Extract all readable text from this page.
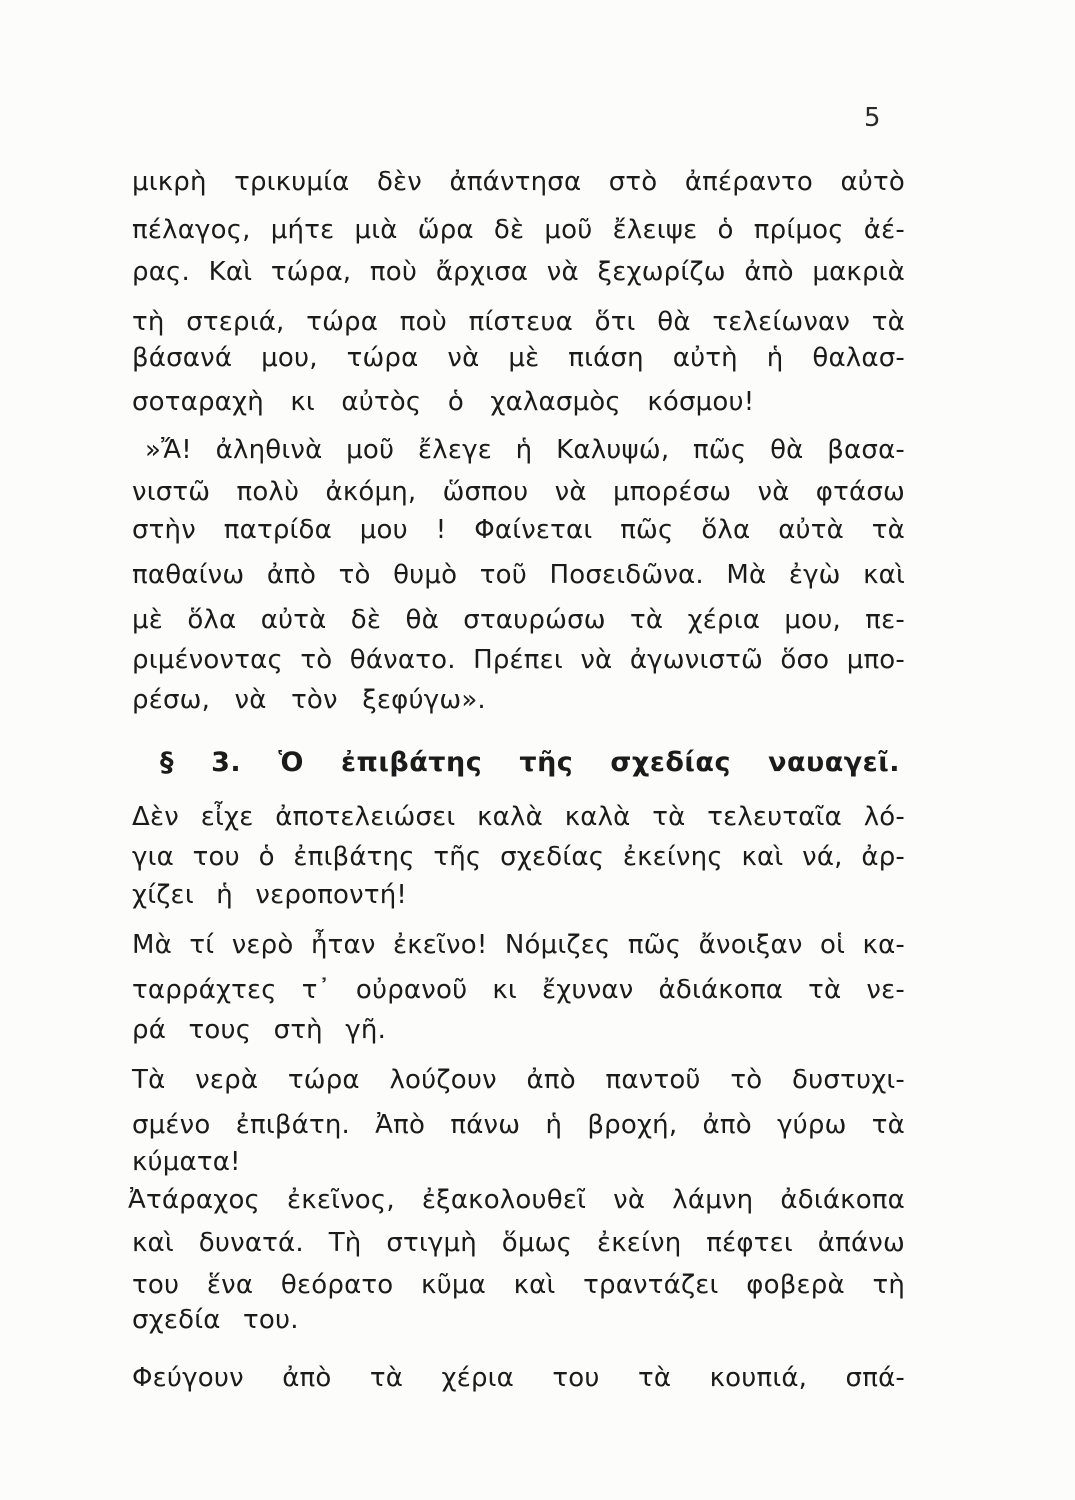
5
μικρὴ τρικυμία δὲν ἀπάντησα στὸ ἀπέραντο αὐτὸ
πέλαγος, μήτε μιὰ ὥρα δὲ μοῦ ἔλειψε ὁ πρίμος ἀέ-
ρας. Καὶ τώρα, ποὺ ἄρχισα νὰ ξεχωρίζω ἀπὸ μακριὰ
τὴ στεριά, τώρα ποὺ πίστευα ὅτι θὰ τελείωναν τὰ
βάσανά μου, τώρα νὰ μὲ πιάση αὐτὴ ἡ θαλασ-
σοταραχὴ κι αὐτὸς ὁ χαλασμὸς κόσμου!
»Ἄ! ἀληθινὰ μοῦ ἔλεγε ἡ Καλυψώ, πῶς θὰ βασα-
νιστῶ πολὺ ἀκόμη, ὥσπου νὰ μπορέσω νὰ φτάσω
στὴν πατρίδα μου ! Φαίνεται πῶς ὅλα αὐτὰ τὰ
παθαίνω ἀπὸ τὸ θυμὸ τοῦ Ποσειδῶνα. Μὰ ἐγὼ καὶ
μὲ ὅλα αὐτὰ δὲ θὰ σταυρώσω τὰ χέρια μου, πε-
ριμένοντας τὸ θάνατο. Πρέπει νὰ ἀγωνιστῶ ὅσο μπο-
ρέσω, νὰ τὸν ξεφύγω».
§ 3. Ὁ ἐπιβάτης τῆς σχεδίας ναυαγεῖ.
Δὲν εἶχε ἀποτελειώσει καλὰ καλὰ τὰ τελευταῖα λό-
για του ὁ ἐπιβάτης τῆς σχεδίας ἐκείνης καὶ νά, ἀρ-
χίζει ἡ νεροποντή!
Μὰ τί νερὸ ἦταν ἐκεῖνο! Νόμιζες πῶς ἄνοιξαν οἱ κα-
ταρράχτες τ᾽ οὐρανοῦ κι ἔχυναν ἀδιάκοπα τὰ νε-
ρά τους στὴ γῆ.
Τὰ νερὰ τώρα λούζουν ἀπὸ παντοῦ τὸ δυστυχι-
σμένο ἐπιβάτη. Ἀπὸ πάνω ἡ βροχή, ἀπὸ γύρω τὰ
κύματα!
Ἀτάραχος ἐκεῖνος, ἐξακολουθεῖ νὰ λάμνη ἀδιάκοπα
καὶ δυνατά. Τὴ στιγμὴ ὅμως ἐκείνη πέφτει ἀπάνω
του ἕνα θεόρατο κῦμα καὶ τραντάζει φοβερὰ τὴ
σχεδία του.
Φεύγουν ἀπὸ τὰ χέρια του τὰ κουπιά, σπά-
